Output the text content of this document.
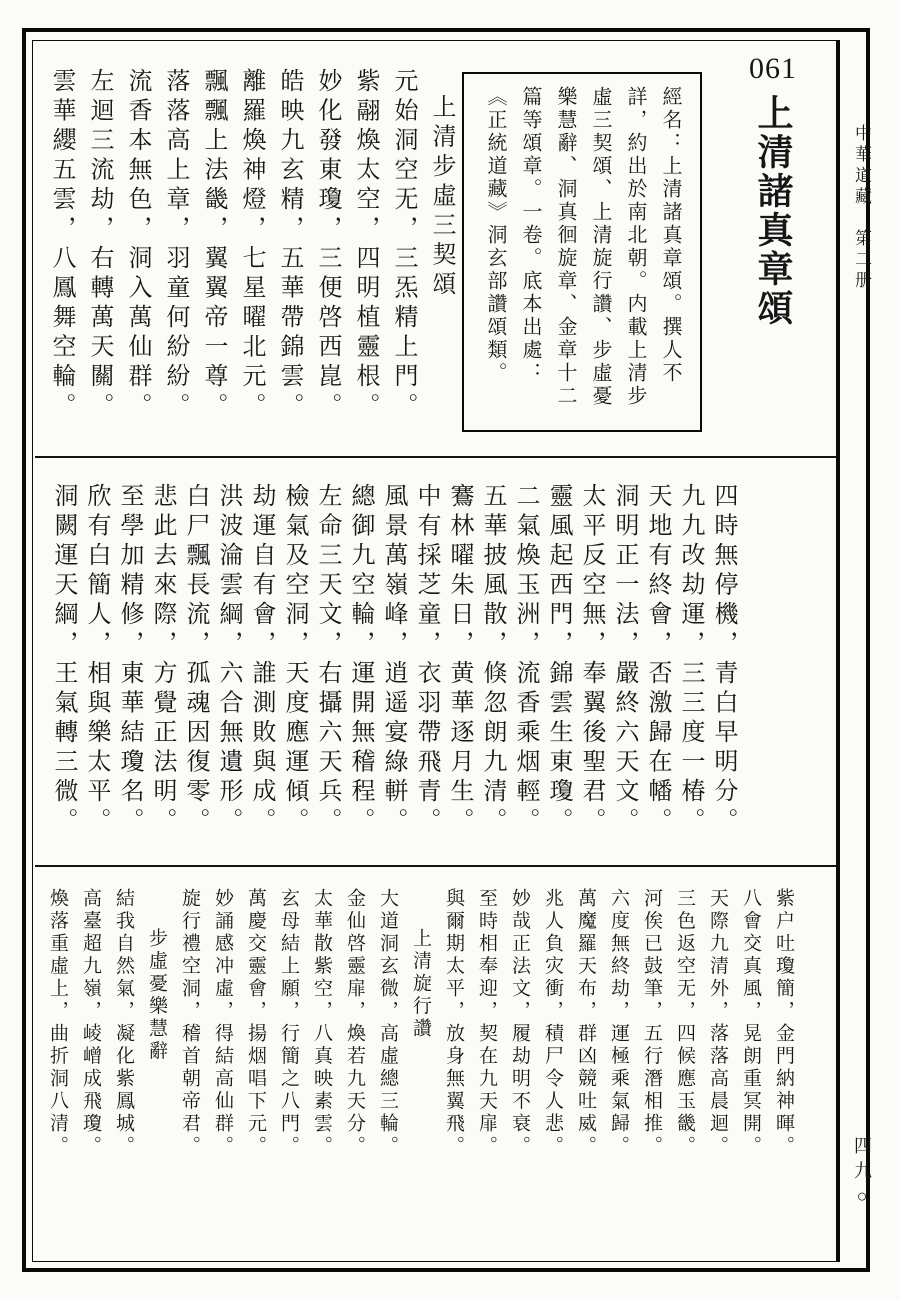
中華道藏　第二册
四九○
061
上清諸真章頌
經名：上清諸真章頌。撰人不
詳，約出於南北朝。内載上清步
虛三契頌、上清旋行讚、步虛憂
樂慧辭、洞真徊旋章、金章十二
篇等頌章。一卷。底本出處：
《正統道藏》洞玄部讚頌類。
上清步虛三契頌
元始洞空无，三炁精上門。
紫翮煥太空，四明植靈根。
妙化發東瓊，三便啓西崑。
皓映九玄精，五華帶錦雲。
離羅煥神燈，七星曜北元。
飄飄上法畿，翼翼帝一尊。
落落高上章，羽童何紛紛。
流香本無色，洞入萬仙群。
左迴三流劫，右轉萬天關。
雲華纓五雲，八鳳舞空輪。
四時無停機，青白早明分。
九九改劫運，三三度一椿。
天地有終會，否激歸在幡。
洞明正一法，嚴終六天文。
太平反空無，奉翼後聖君。
靈風起西門，錦雲生東瓊。
二氣煥玉洲，流香乘烟輕。
五華披風散，倏忽朗九清。
鶱林曜朱日，黄華逐月生。
中有採芝童，衣羽帶飛青。
風景萬嶺峰，逍遥宴綠軿。
總御九空輪，運開無稽程。
左命三天文，右攝六天兵。
檢氣及空洞，天度應運傾。
劫運自有會，誰測敗與成。
洪波淪雲綱，六合無遺形。
白尸飄長流，孤魂因復零。
悲此去來際，方覺正法明。
至學加精修，東華結瓊名。
欣有白簡人，相與樂太平。
洞闕運天綱，王氣轉三微。
紫户吐瓊簡，金門納神暉。
八會交真風，晃朗重冥開。
天際九清外，落落高晨迴。
三色返空无，四候應玉畿。
河俟已鼓筆，五行潛相推。
六度無終劫，運極乘氣歸。
萬魔羅天布，群凶競吐威。
兆人負灾衝，積尸令人悲。
妙哉正法文，履劫明不衰。
至時相奉迎，契在九天扉。
與爾期太平，放身無翼飛。
上清旋行讚
大道洞玄微，高虛總三輪。
金仙啓靈扉，煥若九天分。
太華散紫空，八真映素雲。
玄母結上願，行簡之八門。
萬慶交靈會，揚烟唱下元。
妙誦感冲虛，得結高仙群。
旋行禮空洞，稽首朝帝君。
步虛憂樂慧辭
結我自然氣，凝化紫鳳城。
高臺超九嶺，崚嶒成飛瓊。
煥落重虛上，曲折洞八清。
